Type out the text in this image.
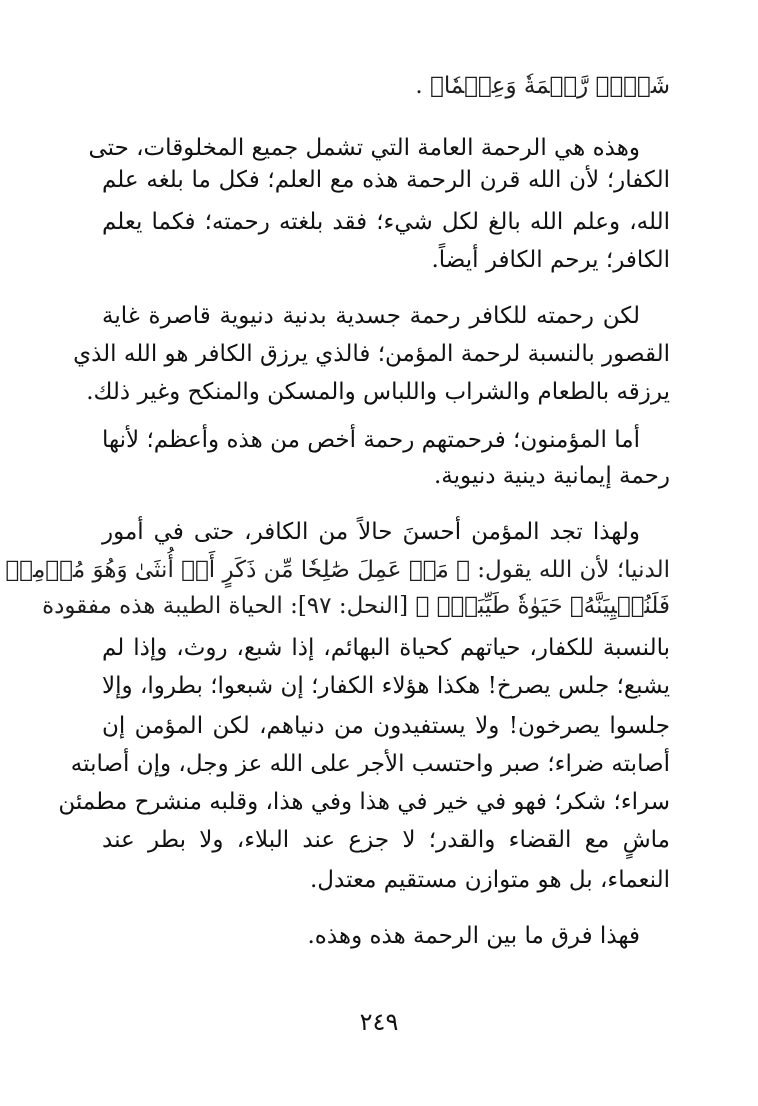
شَيۡءٖ رَّحۡمَةٗ وَعِلۡمٗا﴾ .
وهذه هي الرحمة العامة التي تشمل جميع المخلوقات، حتى
الكفار؛ لأن الله قرن الرحمة هذه مع العلم؛ فكل ما بلغه علم
الله، وعلم الله بالغ لكل شيء؛ فقد بلغته رحمته؛ فكما يعلم
الكافر؛ يرحم الكافر أيضاً.
لكن رحمته للكافر رحمة جسدية بدنية دنيوية قاصرة غاية
القصور بالنسبة لرحمة المؤمن؛ فالذي يرزق الكافر هو الله الذي
يرزقه بالطعام والشراب واللباس والمسكن والمنكح وغير ذلك.
أما المؤمنون؛ فرحمتهم رحمة أخص من هذه وأعظم؛ لأنها
رحمة إيمانية دينية دنيوية.
ولهذا تجد المؤمن أحسنَ حالاً من الكافر، حتى في أمور
الدنيا؛ لأن الله يقول: ﴿ مَنۡ عَمِلَ صَٰلِحٗا مِّن ذَكَرٍ أَوۡ أُنثَىٰ وَهُوَ مُؤۡمِنٞ
فَلَنُحۡيِيَنَّهُۥ حَيَوٰةٗ طَيِّبَةٗۖ ﴾ [النحل: ٩٧]: الحياة الطيبة هذه مفقودة
بالنسبة للكفار، حياتهم كحياة البهائم، إذا شبع، روث، وإذا لم
يشبع؛ جلس يصرخ! هكذا هؤلاء الكفار؛ إن شبعوا؛ بطروا، وإلا
جلسوا يصرخون! ولا يستفيدون من دنياهم، لكن المؤمن إن
أصابته ضراء؛ صبر واحتسب الأجر على الله عز وجل، وإن أصابته
سراء؛ شكر؛ فهو في خير في هذا وفي هذا، وقلبه منشرح مطمئن
ماشٍ مع القضاء والقدر؛ لا جزع عند البلاء، ولا بطر عند
النعماء، بل هو متوازن مستقيم معتدل.
فهذا فرق ما بين الرحمة هذه وهذه.
٢٤٩
